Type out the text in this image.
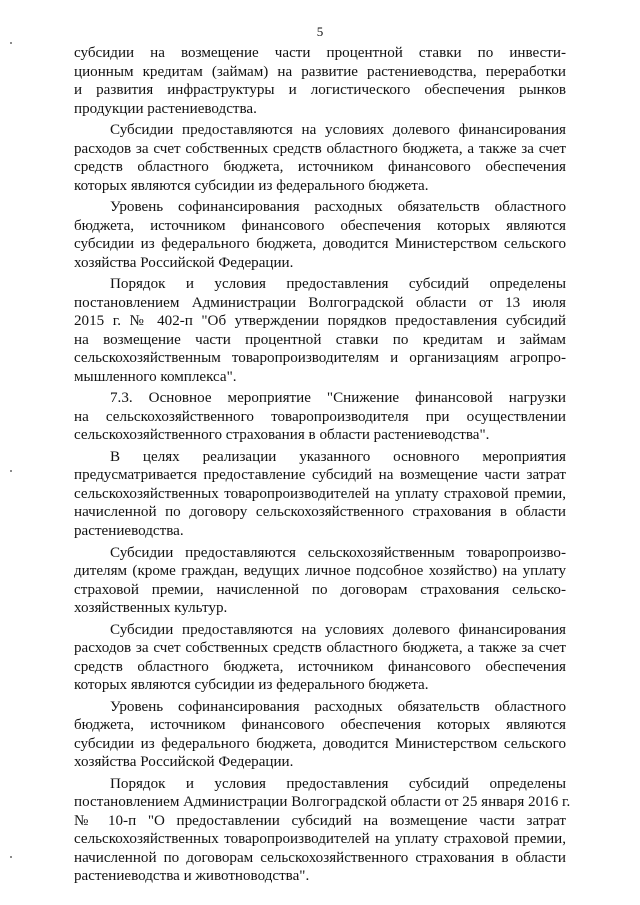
5
субсидии на возмещение части процентной ставки по инвести-
ционным кредитам (займам) на развитие растениеводства, переработки
и развития инфраструктуры и логистического обеспечения рынков
продукции растениеводства.
Субсидии предоставляются на условиях долевого финансирования
расходов за счет собственных средств областного бюджета, а также за счет
средств областного бюджета, источником финансового обеспечения
которых являются субсидии из федерального бюджета.
Уровень софинансирования расходных обязательств областного
бюджета, источником финансового обеспечения которых являются
субсидии из федерального бюджета, доводится Министерством сельского
хозяйства Российской Федерации.
Порядок и условия предоставления субсидий определены
постановлением Администрации Волгоградской области от 13 июля
2015 г. № 402-п "Об утверждении порядков предоставления субсидий
на возмещение части процентной ставки по кредитам и займам
сельскохозяйственным товаропроизводителям и организациям агропро-
мышленного комплекса".
7.3. Основное мероприятие "Снижение финансовой нагрузки
на сельскохозяйственного товаропроизводителя при осуществлении
сельскохозяйственного страхования в области растениеводства".
В целях реализации указанного основного мероприятия
предусматривается предоставление субсидий на возмещение части затрат
сельскохозяйственных товаропроизводителей на уплату страховой премии,
начисленной по договору сельскохозяйственного страхования в области
растениеводства.
Субсидии предоставляются сельскохозяйственным товаропроизво-
дителям (кроме граждан, ведущих личное подсобное хозяйство) на уплату
страховой премии, начисленной по договорам страхования сельско-
хозяйственных культур.
Субсидии предоставляются на условиях долевого финансирования
расходов за счет собственных средств областного бюджета, а также за счет
средств областного бюджета, источником финансового обеспечения
которых являются субсидии из федерального бюджета.
Уровень софинансирования расходных обязательств областного
бюджета, источником финансового обеспечения которых являются
субсидии из федерального бюджета, доводится Министерством сельского
хозяйства Российской Федерации.
Порядок и условия предоставления субсидий определены
постановлением Администрации Волгоградской области от 25 января 2016 г.
№ 10-п "О предоставлении субсидий на возмещение части затрат
сельскохозяйственных товаропроизводителей на уплату страховой премии,
начисленной по договорам сельскохозяйственного страхования в области
растениеводства и животноводства".
